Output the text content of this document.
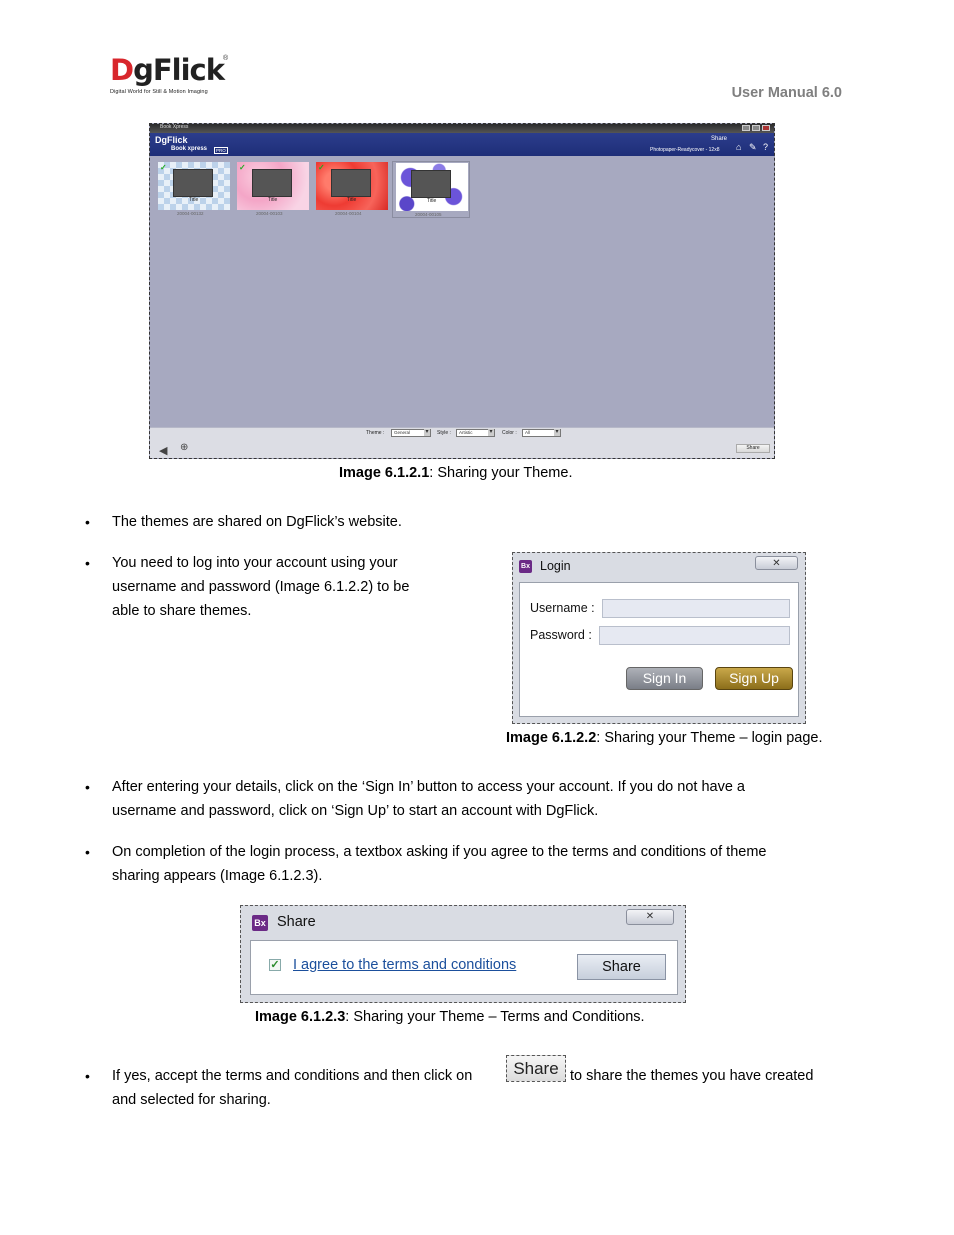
DgFlick
®
Digital World for Still & Motion Imaging	User Manual 6.0
Book Xpress
DgFlick
Book xpress	PRO
Share
Photopaper-Readycover - 12x8 ⌂ ✎ ?
✓
Title
20004-00132
✓
Title
20004-00103
✓
Title
20004-00104
Title
20004-00105
Theme :	General ▾	Style :	Artistic ▾	Color :	All ▾
◀ ⊕	Share
Image 6.1.2.1: Sharing your Theme.
• The themes are shared on DgFlick’s website.
• You need to log into your account using your
username and password (Image 6.1.2.2) to be
able to share themes.
Bx Login	✕
Username :
Password :
Sign In	Sign Up
Image 6.1.2.2: Sharing your Theme – login page.
• After entering your details, click on the ‘Sign In’ button to access your account. If you do not have a
username and password, click on ‘Sign Up’ to start an account with DgFlick.
• On completion of the login process, a textbox asking if you agree to the terms and conditions of theme
sharing appears (Image 6.1.2.3).
Bx Share	✕
✓ I agree to the terms and conditions	Share
Image 6.1.2.3: Sharing your Theme – Terms and Conditions.
• If yes, accept the terms and conditions and then click on	Share to share the themes you have created
and selected for sharing.
